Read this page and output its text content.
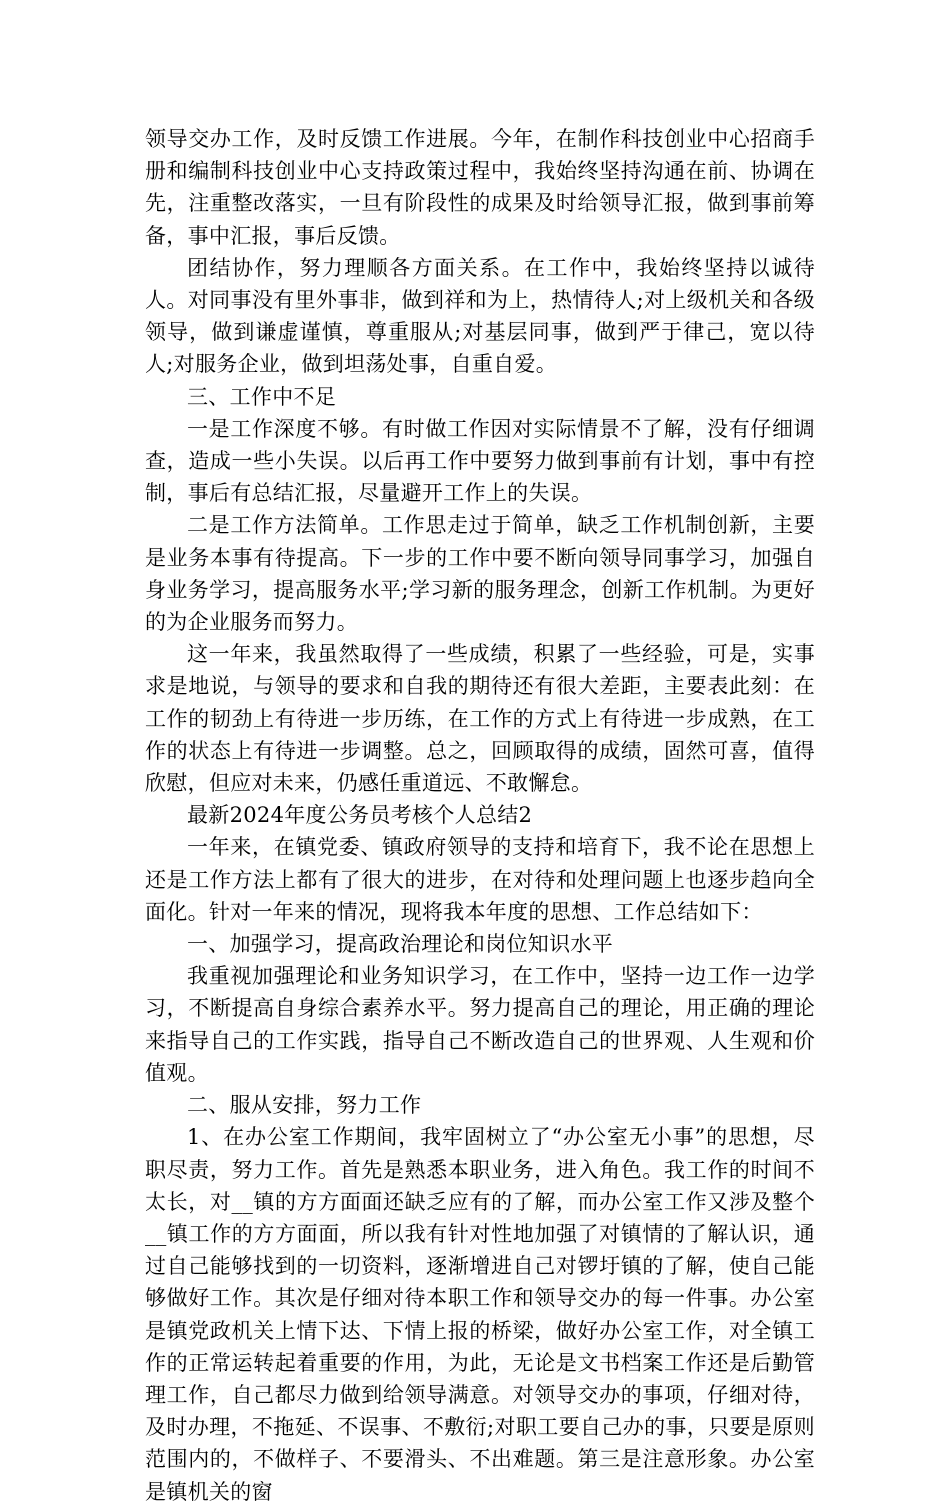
领导交办工作，及时反馈工作进展。今年，在制作科技创业中心招商手册和编制科技创业中心支持政策过程中，我始终坚持沟通在前、协调在先，注重整改落实，一旦有阶段性的成果及时给领导汇报，做到事前筹备，事中汇报，事后反馈。

团结协作，努力理顺各方面关系。在工作中，我始终坚持以诚待人。对同事没有里外事非，做到祥和为上，热情待人;对上级机关和各级领导，做到谦虚谨慎，尊重服从;对基层同事，做到严于律己，宽以待人;对服务企业，做到坦荡处事，自重自爱。

三、工作中不足

一是工作深度不够。有时做工作因对实际情景不了解，没有仔细调查，造成一些小失误。以后再工作中要努力做到事前有计划，事中有控制，事后有总结汇报，尽量避开工作上的失误。

二是工作方法简单。工作思走过于简单，缺乏工作机制创新，主要是业务本事有待提高。下一步的工作中要不断向领导同事学习，加强自身业务学习，提高服务水平;学习新的服务理念，创新工作机制。为更好的为企业服务而努力。

这一年来，我虽然取得了一些成绩，积累了一些经验，可是，实事求是地说，与领导的要求和自我的期待还有很大差距，主要表此刻：在工作的韧劲上有待进一步历练，在工作的方式上有待进一步成熟，在工作的状态上有待进一步调整。总之，回顾取得的成绩，固然可喜，值得欣慰，但应对未来，仍感任重道远、不敢懈怠。

最新2024年度公务员考核个人总结2

一年来，在镇党委、镇政府领导的支持和培育下，我不论在思想上还是工作方法上都有了很大的进步，在对待和处理问题上也逐步趋向全面化。针对一年来的情况，现将我本年度的思想、工作总结如下：

一、加强学习，提高政治理论和岗位知识水平

我重视加强理论和业务知识学习，在工作中，坚持一边工作一边学习，不断提高自身综合素养水平。努力提高自己的理论，用正确的理论来指导自己的工作实践，指导自己不断改造自己的世界观、人生观和价值观。

二、服从安排，努力工作

1、在办公室工作期间，我牢固树立了“办公室无小事”的思想，尽职尽责，努力工作。首先是熟悉本职业务，进入角色。我工作的时间不太长，对__镇的方方面面还缺乏应有的了解，而办公室工作又涉及整个__镇工作的方方面面，所以我有针对性地加强了对镇情的了解认识，通过自己能够找到的一切资料，逐渐增进自己对锣圩镇的了解，使自己能够做好工作。其次是仔细对待本职工作和领导交办的每一件事。办公室是镇党政机关上情下达、下情上报的桥梁，做好办公室工作，对全镇工作的正常运转起着重要的作用，为此，无论是文书档案工作还是后勤管理工作，自己都尽力做到给领导满意。对领导交办的事项，仔细对待，及时办理，不拖延、不误事、不敷衍;对职工要自己办的事，只要是原则范围内的，不做样子、不要滑头、不出难题。第三是注意形象。办公室是镇机关的窗
